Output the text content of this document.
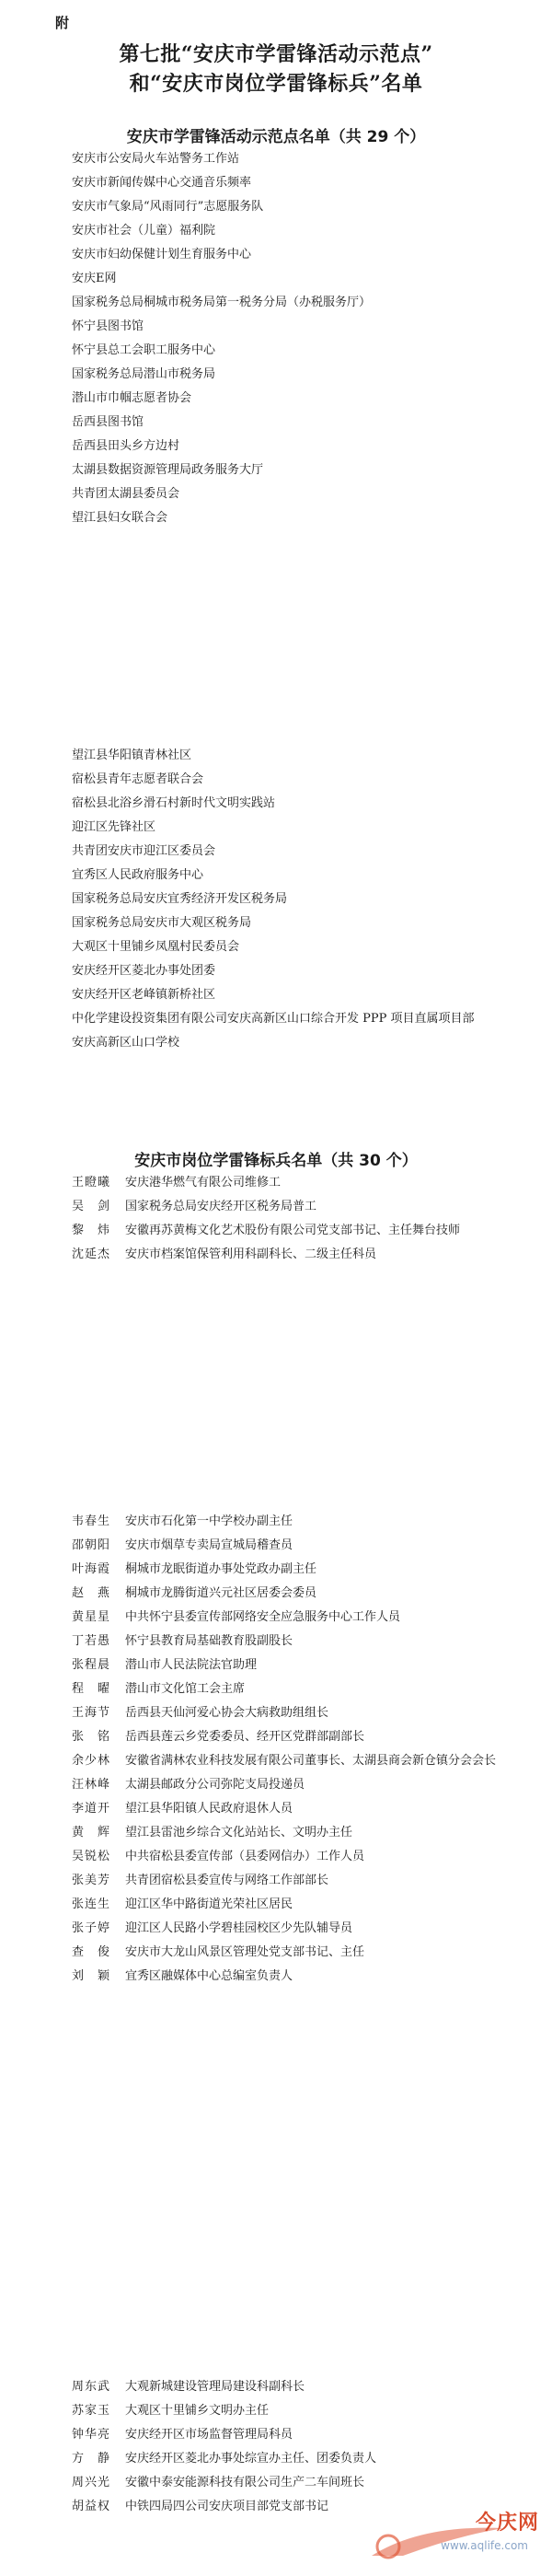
附
第七批“安庆市学雷锋活动示范点”
和“安庆市岗位学雷锋标兵”名单
安庆市学雷锋活动示范点名单（共 29 个）
安庆市公安局火车站警务工作站
安庆市新闻传媒中心交通音乐频率
安庆市气象局“风雨同行”志愿服务队
安庆市社会（儿童）福利院
安庆市妇幼保健计划生育服务中心
安庆E网
国家税务总局桐城市税务局第一税务分局（办税服务厅）
怀宁县图书馆
怀宁县总工会职工服务中心
国家税务总局潜山市税务局
潜山市巾帼志愿者协会
岳西县图书馆
岳西县田头乡方边村
太湖县数据资源管理局政务服务大厅
共青团太湖县委员会
望江县妇女联合会
望江县华阳镇青林社区
宿松县青年志愿者联合会
宿松县北浴乡滑石村新时代文明实践站
迎江区先锋社区
共青团安庆市迎江区委员会
宜秀区人民政府服务中心
国家税务总局安庆宜秀经济开发区税务局
国家税务总局安庆市大观区税务局
大观区十里铺乡凤凰村民委员会
安庆经开区菱北办事处团委
安庆经开区老峰镇新桥社区
中化学建设投资集团有限公司安庆高新区山口综合开发 PPP 项目直属项目部
安庆高新区山口学校
安庆市岗位学雷锋标兵名单（共 30 个）
王瞪曦	安庆港华燃气有限公司维修工
吴　剑	国家税务总局安庆经开区税务局普工
黎　炜	安徽再苏黄梅文化艺术股份有限公司党支部书记、主任舞台技师
沈延杰	安庆市档案馆保管利用科副科长、二级主任科员
韦春生	安庆市石化第一中学校办副主任
邵朝阳	安庆市烟草专卖局宣城局稽查员
叶海霞	桐城市龙眠街道办事处党政办副主任
赵　燕	桐城市龙腾街道兴元社区居委会委员
黄星星	中共怀宁县委宣传部网络安全应急服务中心工作人员
丁若愚	怀宁县教育局基础教育股副股长
张程晨	潜山市人民法院法官助理
程　曜	潜山市文化馆工会主席
王海节	岳西县天仙河爱心协会大病救助组组长
张　铭	岳西县莲云乡党委委员、经开区党群部副部长
余少林	安徽省满林农业科技发展有限公司董事长、太湖县商会新仓镇分会会长
汪林峰	太湖县邮政分公司弥陀支局投递员
李道开	望江县华阳镇人民政府退休人员
黄　辉	望江县雷池乡综合文化站站长、文明办主任
吴锐松	中共宿松县委宣传部（县委网信办）工作人员
张美芳	共青团宿松县委宣传与网络工作部部长
张连生	迎江区华中路街道光荣社区居民
张子婷	迎江区人民路小学碧桂园校区少先队辅导员
查　俊	安庆市大龙山风景区管理处党支部书记、主任
刘　颖	宜秀区融媒体中心总编室负责人
周东武	大观新城建设管理局建设科副科长
苏家玉	大观区十里铺乡文明办主任
钟华亮	安庆经开区市场监督管理局科员
方　静	安庆经开区菱北办事处综宣办主任、团委负责人
周兴光	安徽中泰安能源科技有限公司生产二车间班长
胡益权	中铁四局四公司安庆项目部党支部书记
今庆网
www.aqlife.com
